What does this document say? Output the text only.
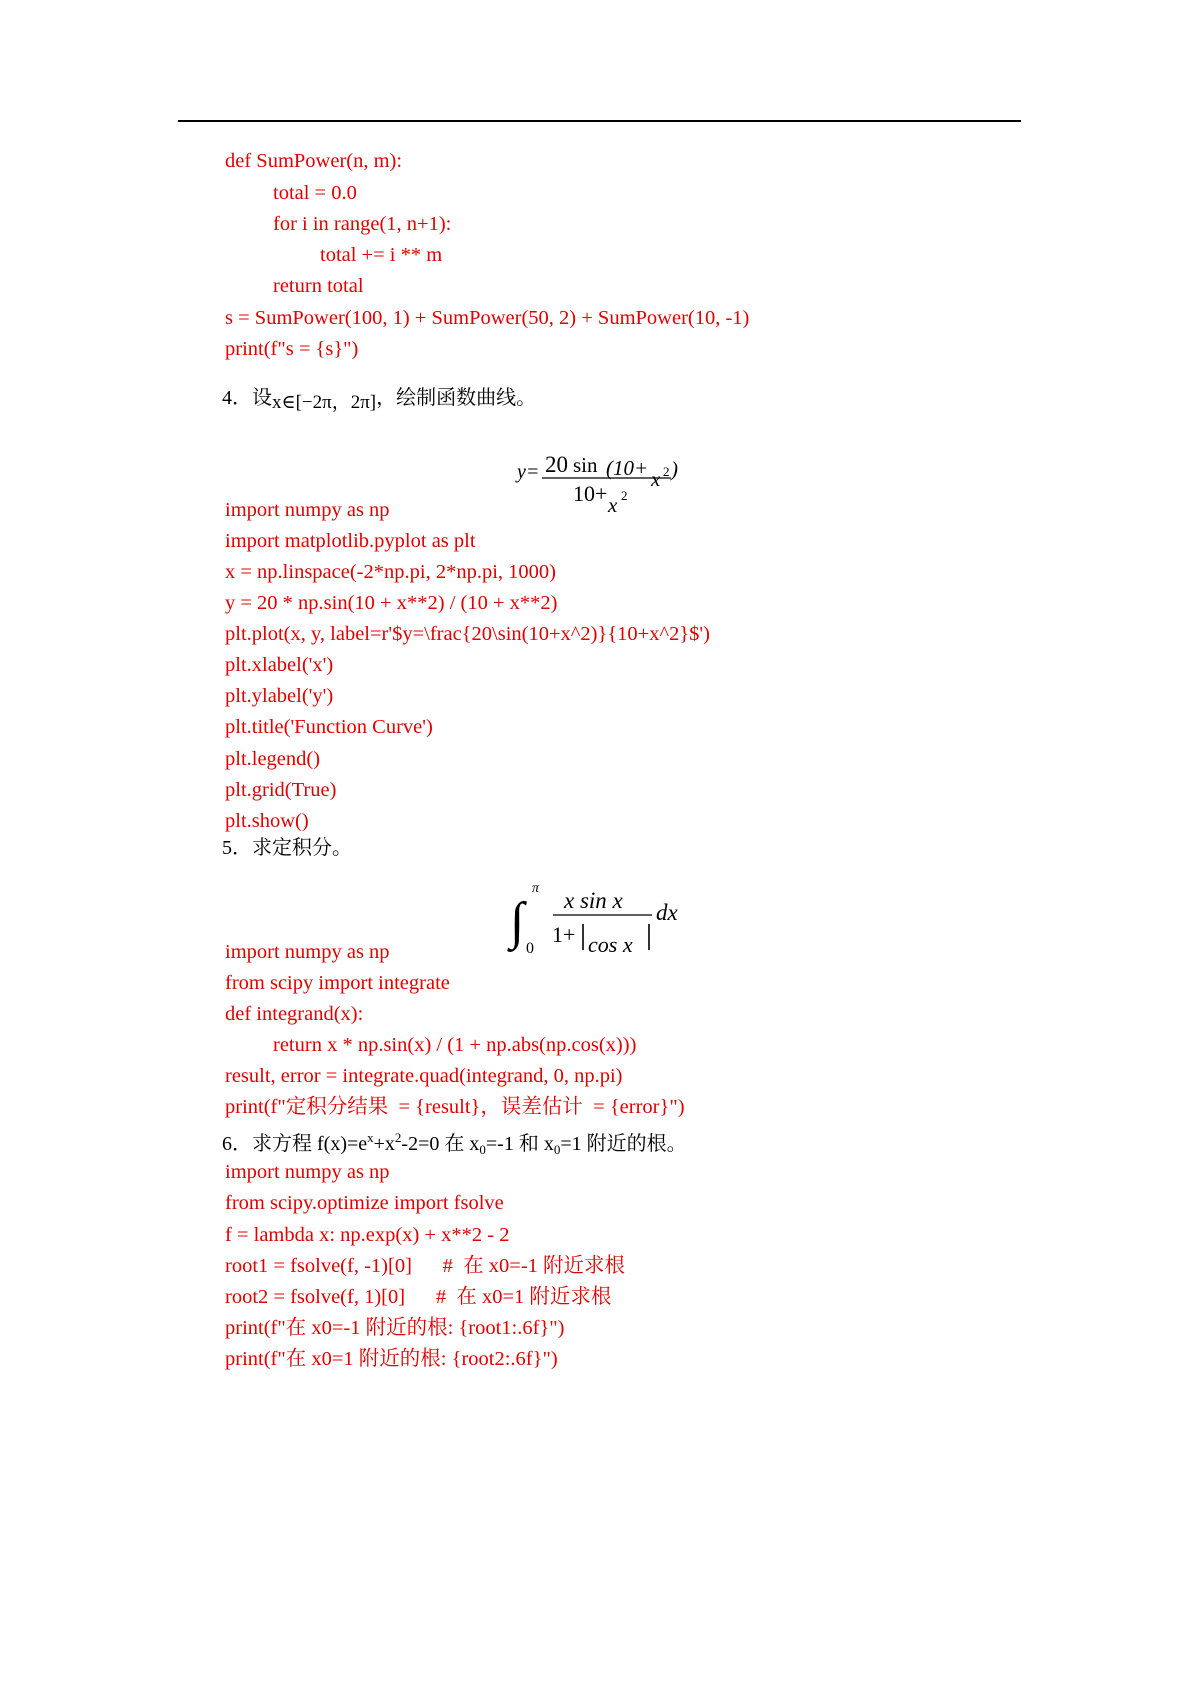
def SumPower(n, m):
total = 0.0
for i in range(1, n+1):
total += i ** m
return total
s = SumPower(100, 1) + SumPower(50, 2) + SumPower(10, -1)
print(f"s = {s}")
4．设x∈[−2π，2π]，绘制函数曲线。
y= 20 sin (10+ x 2 )
10+ x 2
import numpy as np
import matplotlib.pyplot as plt
x = np.linspace(-2*np.pi, 2*np.pi, 1000)
y = 20 * np.sin(10 + x**2) / (10 + x**2)
plt.plot(x, y, label=r'$y=\frac{20\sin(10+x^2)}{10+x^2}$')
plt.xlabel('x')
plt.ylabel('y')
plt.title('Function Curve')
plt.legend()
plt.grid(True)
plt.show()
5．求定积分。
∫
π
0
x sin x
1+ cos x
dx
import numpy as np
from scipy import integrate
def integrand(x):
return x * np.sin(x) / (1 + np.abs(np.cos(x)))
result, error = integrate.quad(integrand, 0, np.pi)
print(f"定积分结果  = {result}，误差估计  = {error}")
6．求方程 $f(x)=e^x+x^2-2=0$ 在 $x_0=-1$ 和 $x_0=1$ 附近的根。
import numpy as np
from scipy.optimize import fsolve
f = lambda x: np.exp(x) + x**2 - 2
root1 = fsolve(f, -1)[0]      #  在 x0=-1 附近求根
root2 = fsolve(f, 1)[0]      #  在 x0=1 附近求根
print(f"在 x0=-1 附近的根: {root1:.6f}")
print(f"在 x0=1 附近的根: {root2:.6f}")
